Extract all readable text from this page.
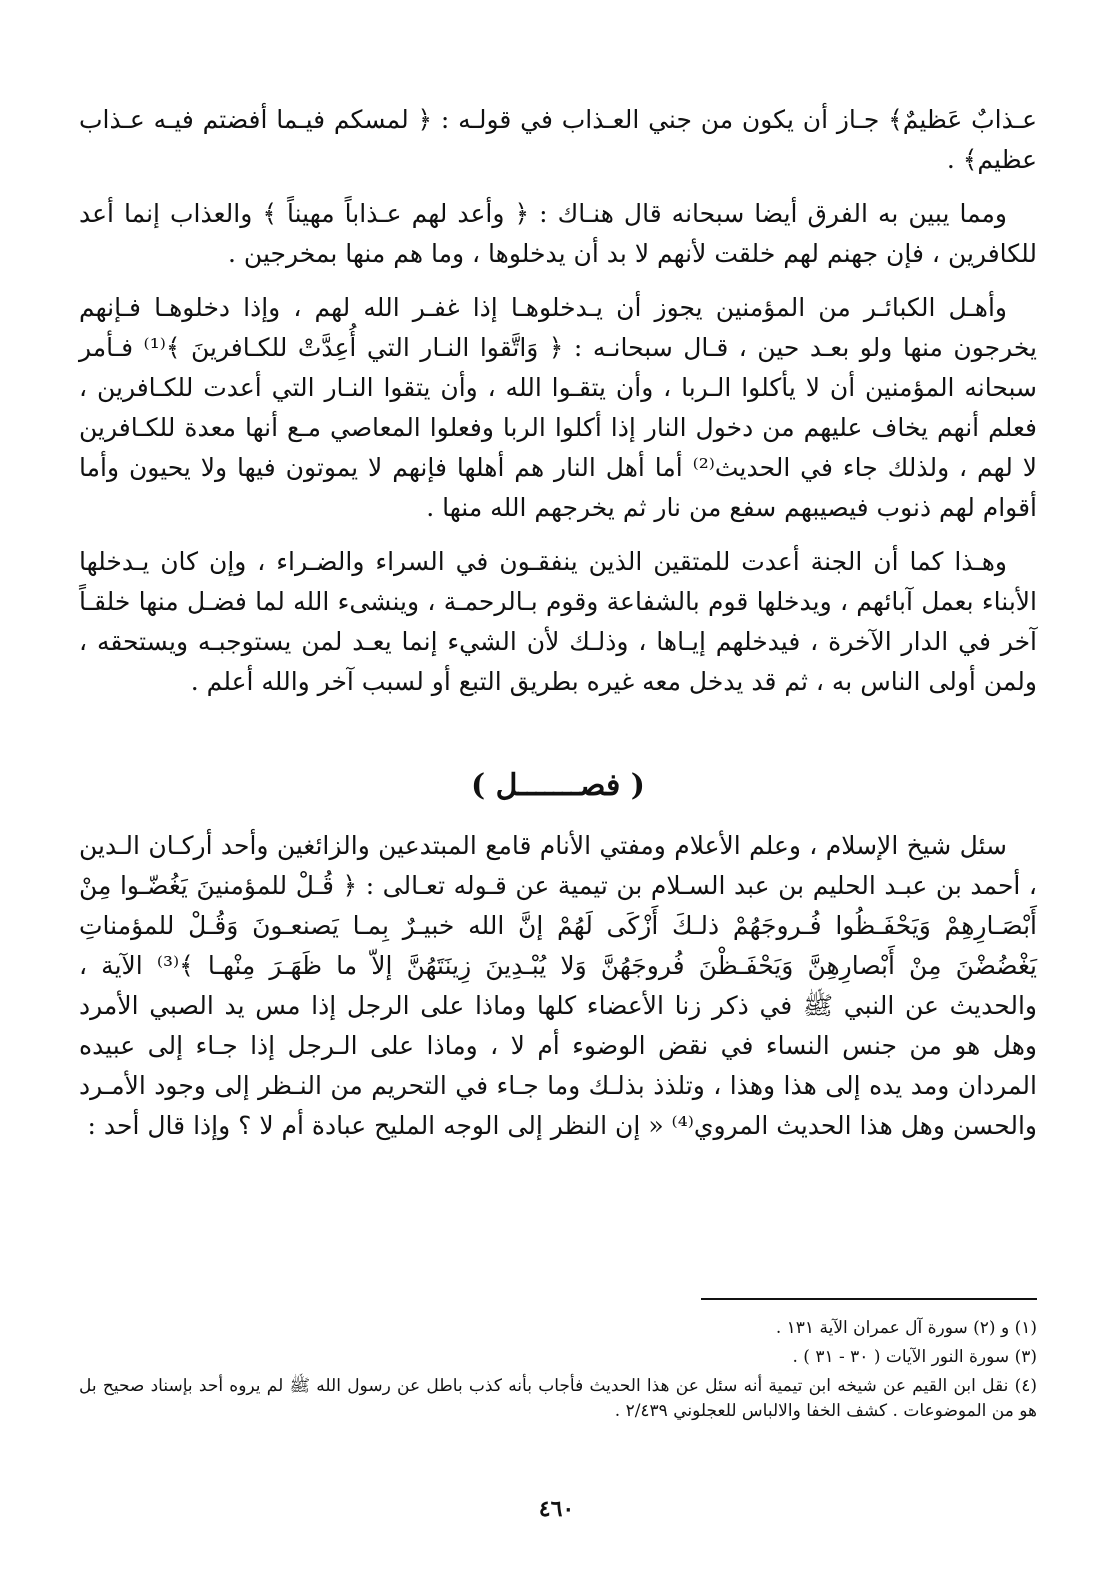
عـذابٌ عَظيمٌ﴾ جـاز أن يكون من جني العـذاب في قولـه : ﴿ لمسكم فيـما أفضتم فيـه عـذاب عظيم﴾ .

ومما يبين به الفرق أيضا سبحانه قال هنـاك : ﴿ وأعد لهم عـذاباً مهيناً ﴾ والعذاب إنما أعد للكافرين ، فإن جهنم لهم خلقت لأنهم لا بد أن يدخلوها ، وما هم منها بمخرجين .

وأهـل الكبائـر من المؤمنين يجوز أن يـدخلوهـا إذا غفـر الله لهم ، وإذا دخلوهـا فـإنهم يخرجون منها ولو بعـد حين ، قـال سبحانـه : ﴿ وَاتَّقوا النـار التي أُعِدَّتْ للكـافرينَ ﴾⁽¹⁾ فـأمر سبحانه المؤمنين أن لا يأكلوا الـربا ، وأن يتقـوا الله ، وأن يتقوا النـار التي أعدت للكـافرين ، فعلم أنهم يخاف عليهم من دخول النار إذا أكلوا الربا وفعلوا المعاصي مـع أنها معدة للكـافرين لا لهم ، ولذلك جاء في الحديث⁽²⁾ أما أهل النار هم أهلها فإنهم لا يموتون فيها ولا يحيون وأما أقوام لهم ذنوب فيصيبهم سفع من نار ثم يخرجهم الله منها .

وهـذا كما أن الجنة أعدت للمتقين الذين ينفقـون في السراء والضـراء ، وإن كان يـدخلها الأبناء بعمل آبائهم ، ويدخلها قوم بالشفاعة وقوم بـالرحمـة ، وينشىء الله لما فضـل منها خلقـاً آخر في الدار الآخرة ، فيدخلهم إيـاها ، وذلـك لأن الشيء إنما يعـد لمن يستوجبـه ويستحقه ، ولمن أولى الناس به ، ثم قد يدخل معه غيره بطريق التبع أو لسبب آخر والله أعلم .

( فصـــــــل )

سئل شيخ الإسلام ، وعلم الأعلام ومفتي الأنام قامع المبتدعين والزائغين وأحد أركـان الـدين ، أحمد بن عبـد الحليم بن عبد السـلام بن تيمية عن قـوله تعـالى : ﴿ قُـلْ للمؤمنينَ يَغُضّـوا مِنْ أَبْصَـارِهِمْ وَيَحْفَـظُوا فُـروجَهُمْ ذلـكَ أَزْكَى لَهُمْ إنَّ الله خبيـرٌ بِمـا يَصنعـونَ وَقُـلْ للمؤمناتِ يَغْضُضْنَ مِنْ أَبْصارِهِنَّ وَيَحْفَـظْنَ فُروجَهُنَّ وَلا يُبْـدِينَ زِينَتَهُنَّ إلاّ ما ظَهَـرَ مِنْهـا ﴾⁽³⁾ الآية ، والحديث عن النبي ﷺ في ذكر زنا الأعضاء كلها وماذا على الرجل إذا مس يد الصبي الأمرد وهل هو من جنس النساء في نقض الوضوء أم لا ، وماذا على الـرجل إذا جـاء إلى عبيده المردان ومد يده إلى هذا وهذا ، وتلذذ بذلـك وما جـاء في التحريم من النـظر إلى وجود الأمـرد والحسن وهل هذا الحديث المروي⁽⁴⁾ « إن النظر إلى الوجه المليح عبادة أم لا ؟ وإذا قال أحد :

(١) و (٢) سورة آل عمران الآية ١٣١ .

(٣) سورة النور الآيات ( ٣٠ - ٣١ ) .

(٤) نقل ابن القيم عن شيخه ابن تيمية أنه سئل عن هذا الحديث فأجاب بأنه كذب باطل عن رسول الله ﷺ لم يروه أحد بإسناد صحيح بل هو من الموضوعات . كشف الخفا والالباس للعجلوني ٢/٤٣٩ .

٤٦٠
